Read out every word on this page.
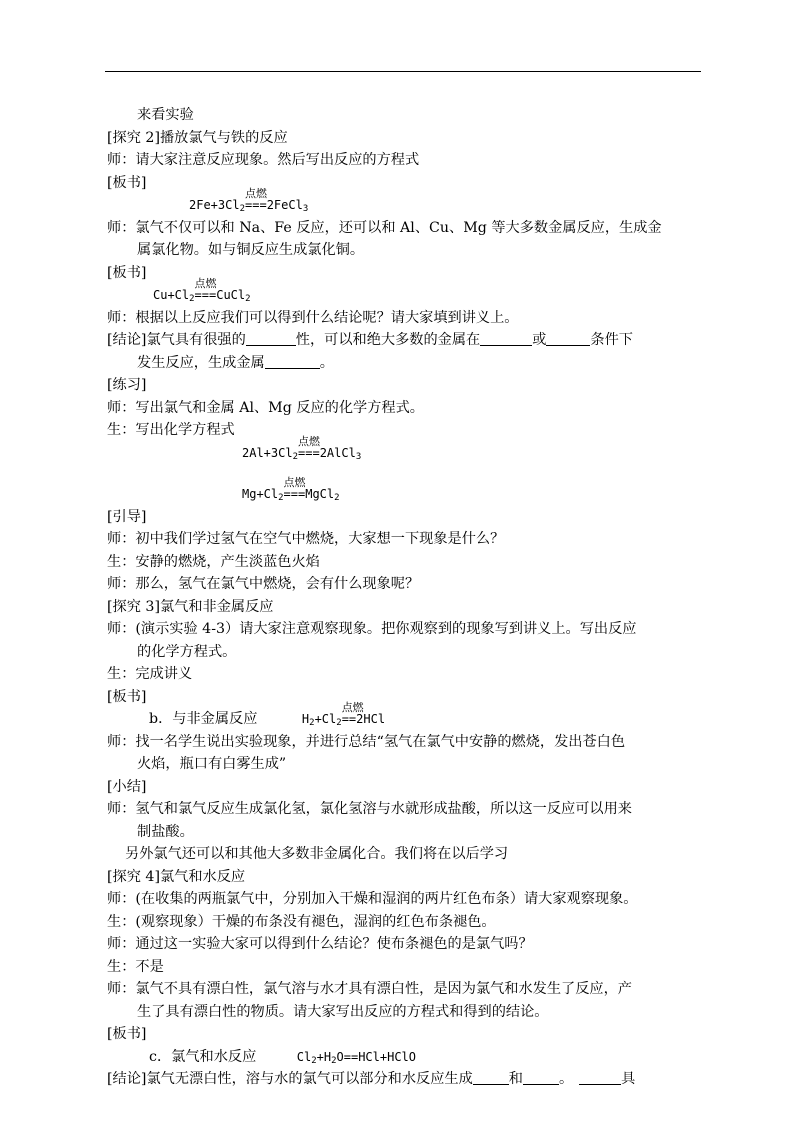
来看实验
[探究 2]播放氯气与铁的反应
师：请大家注意反应现象。然后写出反应的方程式
[板书]
$2Fe+3Cl_2$
点燃
===2FeCl$_3$
师：氯气不仅可以和 Na、Fe 反应，还可以和 Al、Cu、Mg 等大多数金属反应，生成金
属氯化物。如与铜反应生成氯化铜。
[板书]
$Cu+Cl_2$
点燃
===CuCl$_2$
师：根据以上反应我们可以得到什么结论呢？请大家填到讲义上。
[结论]氯气具有很强的	性，可以和绝大多数的金属在	或	条件下
发生反应，生成金属	。
[练习]
师：写出氯气和金属 Al、Mg 反应的化学方程式。
生：写出化学方程式
$2Al+3Cl_2$
点燃
===2AlCl$_3$
$Mg+Cl_2$
点燃
===MgCl$_2$
[引导]
师：初中我们学过氢气在空气中燃烧，大家想一下现象是什么？
生：安静的燃烧，产生淡蓝色火焰
师：那么，氢气在氯气中燃烧，会有什么现象呢？
[探究 3]氯气和非金属反应
师：(演示实验 4-3）请大家注意观察现象。把你观察到的现象写到讲义上。写出反应
的化学方程式。
生：完成讲义
[板书]
b．与非金属反应	$H_2+Cl_2$
点燃
==2HCl
师：找一名学生说出实验现象，并进行总结“氢气在氯气中安静的燃烧，发出苍白色
火焰，瓶口有白雾生成”
[小结]
师：氢气和氯气反应生成氯化氢，氯化氢溶与水就形成盐酸，所以这一反应可以用来
制盐酸。
另外氯气还可以和其他大多数非金属化合。我们将在以后学习
[探究 4]氯气和水反应
师：(在收集的两瓶氯气中，分别加入干燥和湿润的两片红色布条）请大家观察现象。
生：(观察现象）干燥的布条没有褪色，湿润的红色布条褪色。
师：通过这一实验大家可以得到什么结论？使布条褪色的是氯气吗？
生：不是
师：氯气不具有漂白性，氯气溶与水才具有漂白性，是因为氯气和水发生了反应，产
生了具有漂白性的物质。请大家写出反应的方程式和得到的结论。
[板书]
c．氯气和水反应	$Cl_2+H_2O==HCl+HClO$
[结论]氯气无漂白性，溶与水的氯气可以部分和水反应生成	和	。	具
